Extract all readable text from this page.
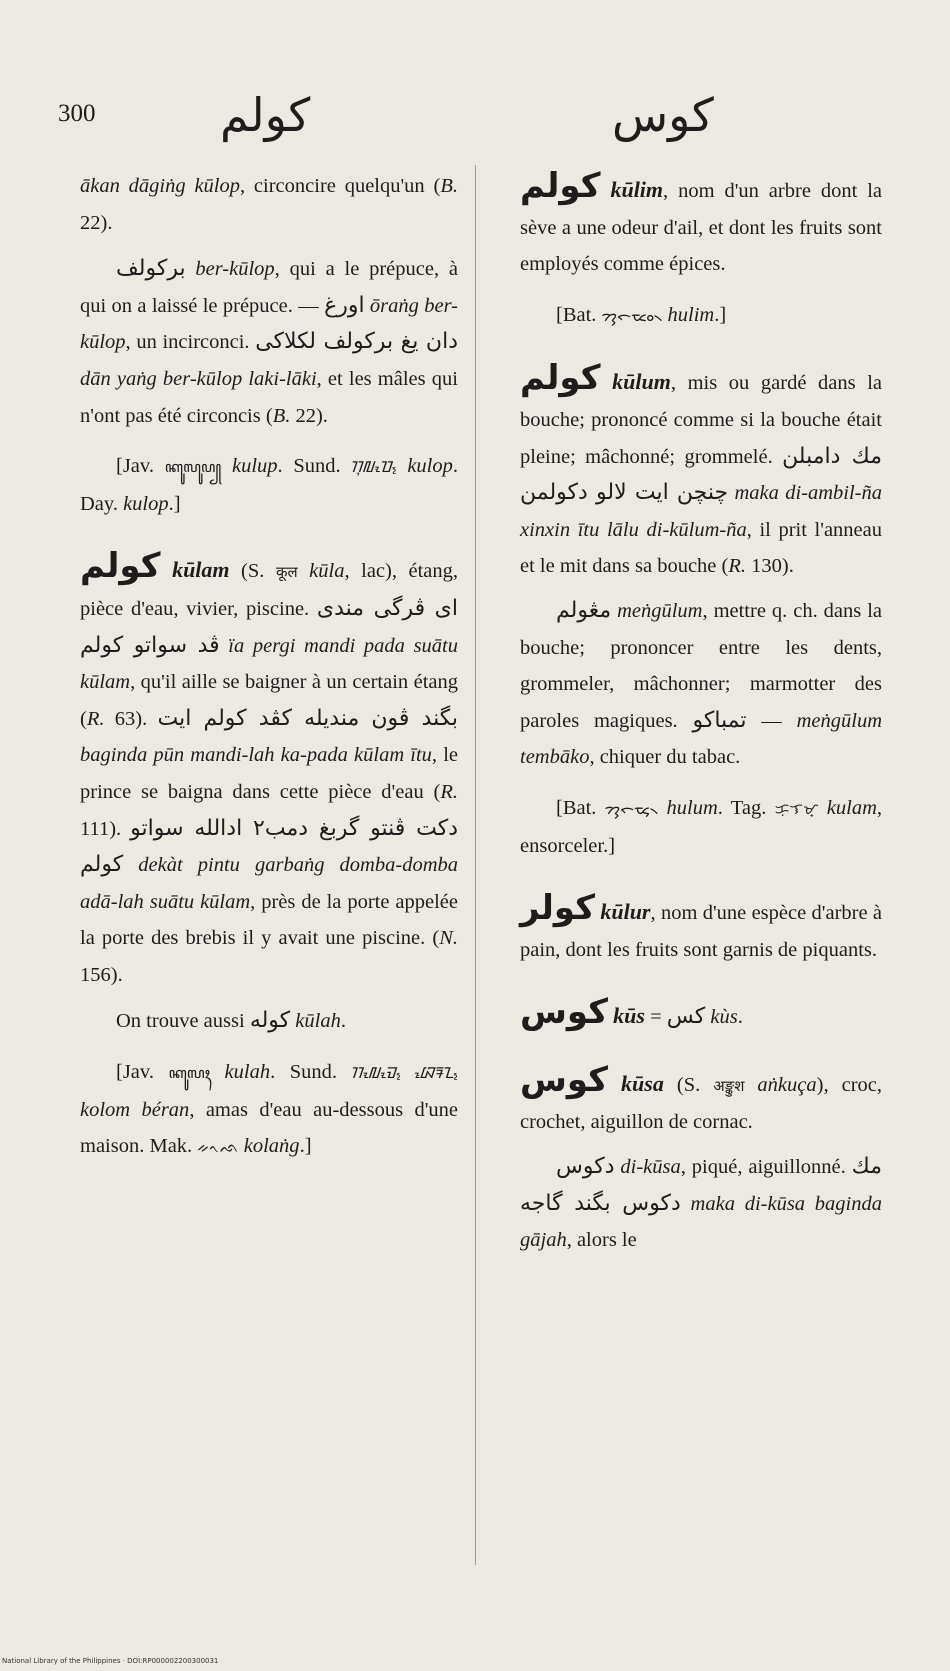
300	كولم	كوس

ākan dāgiṅg kūlop, circoncire quelqu'un (B. 22).

بركولف ber-kūlop, qui a le prépuce, à qui on a laissé le prépuce. — اورغ ōraṅg ber-kūlop, un incirconci. دان يغ بركولف لكلاكى dān yaṅg ber-kūlop laki-lāki, et les mâles qui n'ont pas été circoncis (B. 22).

[Jav. ꦏꦸꦭꦸꦥ꧀ kulup. Sund. ᮊᮥᮜᮧᮕ᮪ kulop. Day. kulop.]

كولم kūlam (S. कूल kūla, lac), étang, pièce d'eau, vivier, piscine. اى ڤرگى مندى ڤد سواتو كولم ïa pergi mandi pada suātu kūlam, qu'il aille se baigner à un certain étang (R. 63). بگند ڤون منديله كڤد كولم ايت baginda pūn mandi-lah ka-pada kūlam ītu, le prince se baigna dans cette pièce d'eau (R. 111). دكت ڤنتو گربغ دمب٢ ادالله سواتو كولم dekàt pintu garbaṅg domba-domba adā-lah suātu kūlam, près de la porte appelée la porte des brebis il y avait une piscine. (N. 156).

On trouve aussi كوله kūlah.

[Jav. ꦏꦸꦭꦃ kulah. Sund. ᮊᮧᮜᮧᮙ᮪ ᮘᮦᮛᮔ᮪ kolom béran, amas d'eau au-dessous d'une maison. Mak. ᨀᨚᨒ kolaṅg.]

كولم kūlim, nom d'un arbre dont la sève a une odeur d'ail, et dont les fruits sont employés comme épices.

[Bat. ᯂᯮᯞᯪᯔ᯲ hulim.]

كولم kūlum, mis ou gardé dans la bouche; prononcé comme si la bouche était pleine; mâchonné; grommelé. مك دامبلن چنچن ايت لالو دكولمن maka di-ambil-ña xinxin ītu lālu di-kūlum-ña, il prit l'anneau et le mit dans sa bouche (R. 130).

مڠولم meṅgūlum, mettre q. ch. dans la bouche; prononcer entre les dents, grommeler, mâchonner; marmotter des paroles magiques. تمباكو — meṅgūlum tembāko, chiquer du tabac.

[Bat. ᯂᯮᯞᯮᯔ᯲ hulum. Tag. ᜃᜓᜎᜋ᜔ kulam, ensorceler.]

كولر kūlur, nom d'une espèce d'arbre à pain, dont les fruits sont garnis de piquants.

كوس kūs = كس kùs.

كوس kūsa (S. अङ्कुश aṅkuça), croc, crochet, aiguillon de cornac.

دكوس di-kūsa, piqué, aiguillonné. مك دكوس بگند گاجه maka di-kūsa baginda gājah, alors le

National Library of the Philippines · DOI:RP000002200300031
